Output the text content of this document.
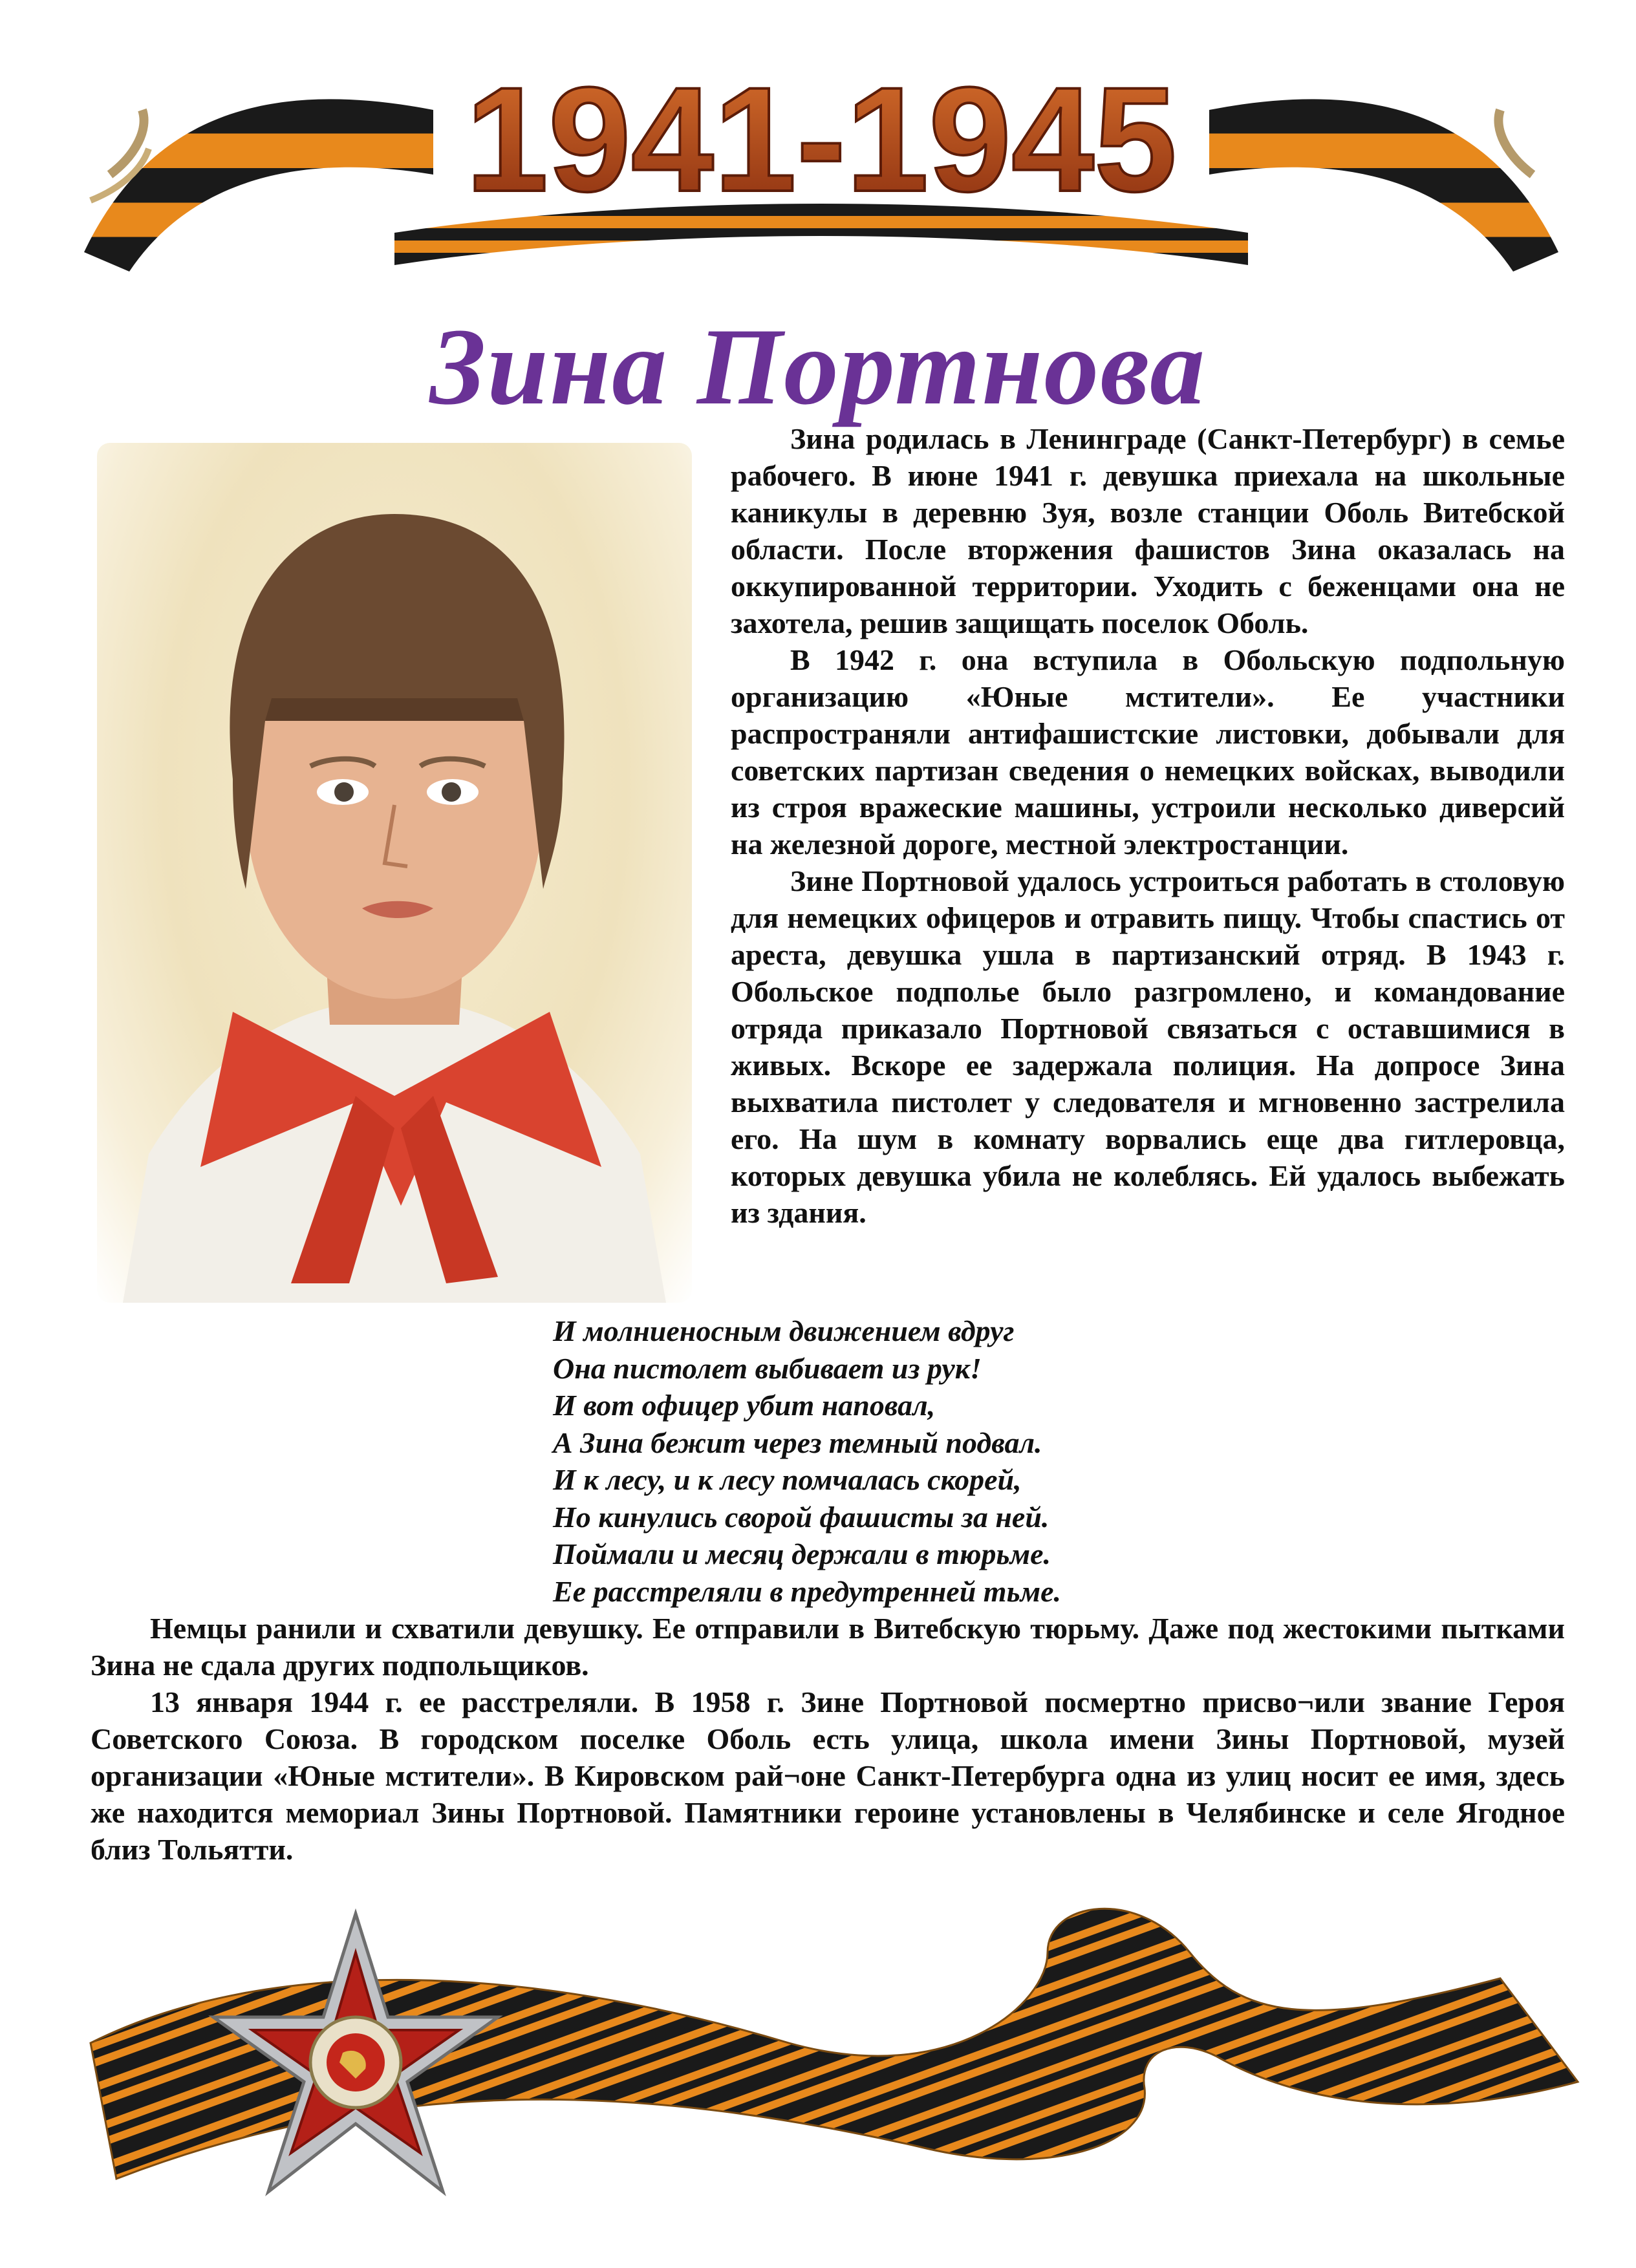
1941-1945
Зина Портнова

Зина родилась в Ленинграде (Санкт-Петербург) в семье рабочего. В июне 1941 г. девушка приехала на школьные каникулы в деревню Зуя, возле станции Оболь Витебской области. После вторжения фашистов Зина оказалась на оккупированной территории. Уходить с беженцами она не захотела, решив защищать поселок Оболь.

В 1942 г. она вступила в Обольскую подпольную организацию «Юные мстители». Ее участники распространяли антифашистские листовки, добывали для советских партизан сведения о немецких войсках, выводили из строя вражеские машины, устроили несколько диверсий на железной дороге, местной электростанции.

Зине Портновой удалось устроиться работать в столовую для немецких офицеров и отравить пищу. Чтобы спастись от ареста, девушка ушла в партизанский отряд. В 1943 г. Обольское подполье было разгромлено, и командование отряда приказало Портновой связаться с оставшимися в живых. Вскоре ее задержала полиция. На допросе Зина выхватила пистолет у следователя и мгновенно застрелила его. На шум в комнату ворвались еще два гитлеровца, которых девушка убила не колеблясь. Ей удалось выбежать из здания.

И молниеносным движением вдруг
Она пистолет выбивает из рук!
И вот офицер убит наповал,
А Зина бежит через темный подвал.
И к лесу, и к лесу помчалась скорей,
Но кинулись сворой фашисты за ней.
Поймали и месяц держали в тюрьме.
Ее расстреляли в предутренней тьме.

Немцы ранили и схватили девушку. Ее отправили в Витебскую тюрьму. Даже под жестокими пытками Зина не сдала других подпольщиков.

13 января 1944 г. ее расстреляли. В 1958 г. Зине Портновой посмертно присво¬или звание Героя Советского Союза. В городском поселке Оболь есть улица, школа имени Зины Портновой, музей организации «Юные мстители». В Кировском рай¬оне Санкт-Петербурга одна из улиц носит ее имя, здесь же находится мемориал Зины Портновой. Памятники героине установлены в Челябинске и селе Ягодное близ Тольятти.
